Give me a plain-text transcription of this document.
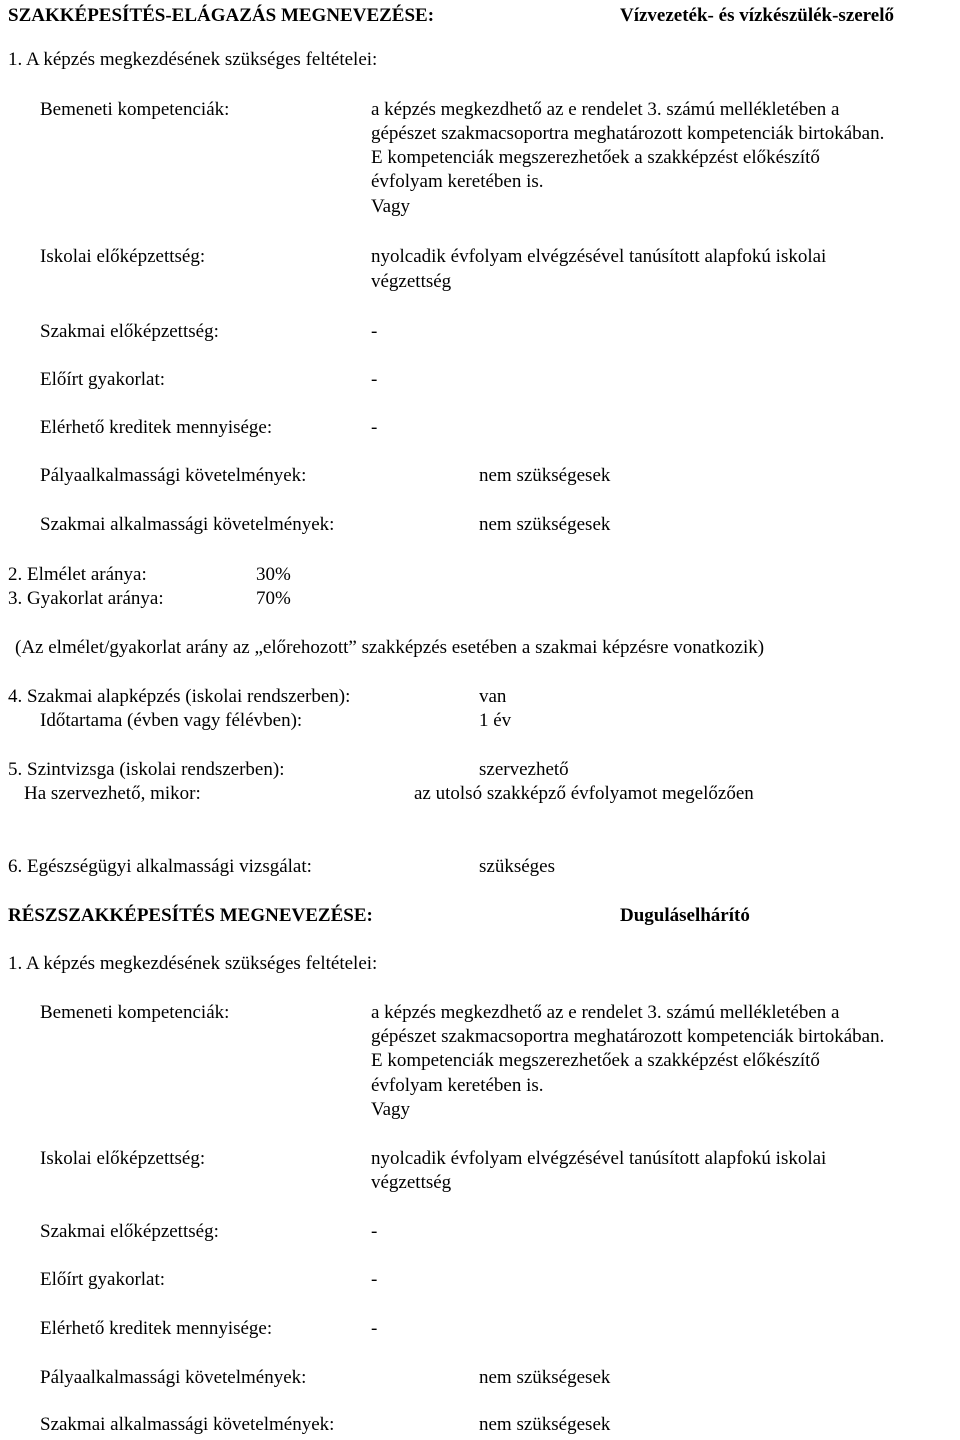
SZAKKÉPESÍTÉS-ELÁGAZÁS MEGNEVEZÉSE:	Vízvezeték- és vízkészülék-szerelő
1. A képzés megkezdésének szükséges feltételei:
Bemeneti kompetenciák:	a képzés megkezdhető az e rendelet 3. számú mellékletében a
gépészet szakmacsoportra meghatározott kompetenciák birtokában.
E kompetenciák megszerezhetőek a szakképzést előkészítő
évfolyam keretében is.
Vagy
Iskolai előképzettség:	nyolcadik évfolyam elvégzésével tanúsított alapfokú iskolai
végzettség
Szakmai előképzettség:	-
Előírt gyakorlat:	-
Elérhető kreditek mennyisége:	-
Pályaalkalmassági követelmények:	nem szükségesek
Szakmai alkalmassági követelmények:	nem szükségesek
2. Elmélet aránya:	30%
3. Gyakorlat aránya:	70%
(Az elmélet/gyakorlat arány az „előrehozott” szakképzés esetében a szakmai képzésre vonatkozik)
4. Szakmai alapképzés (iskolai rendszerben):	van
Időtartama (évben vagy félévben):	1 év
5. Szintvizsga (iskolai rendszerben):	szervezhető
Ha szervezhető, mikor:	az utolsó szakképző évfolyamot megelőzően
6. Egészségügyi alkalmassági vizsgálat:	szükséges
RÉSZSZAKKÉPESÍTÉS MEGNEVEZÉSE:	Duguláselhárító
1. A képzés megkezdésének szükséges feltételei:
Bemeneti kompetenciák:	a képzés megkezdhető az e rendelet 3. számú mellékletében a
gépészet szakmacsoportra meghatározott kompetenciák birtokában.
E kompetenciák megszerezhetőek a szakképzést előkészítő
évfolyam keretében is.
Vagy
Iskolai előképzettség:	nyolcadik évfolyam elvégzésével tanúsított alapfokú iskolai
végzettség
Szakmai előképzettség:	-
Előírt gyakorlat:	-
Elérhető kreditek mennyisége:	-
Pályaalkalmassági követelmények:	nem szükségesek
Szakmai alkalmassági követelmények:	nem szükségesek
